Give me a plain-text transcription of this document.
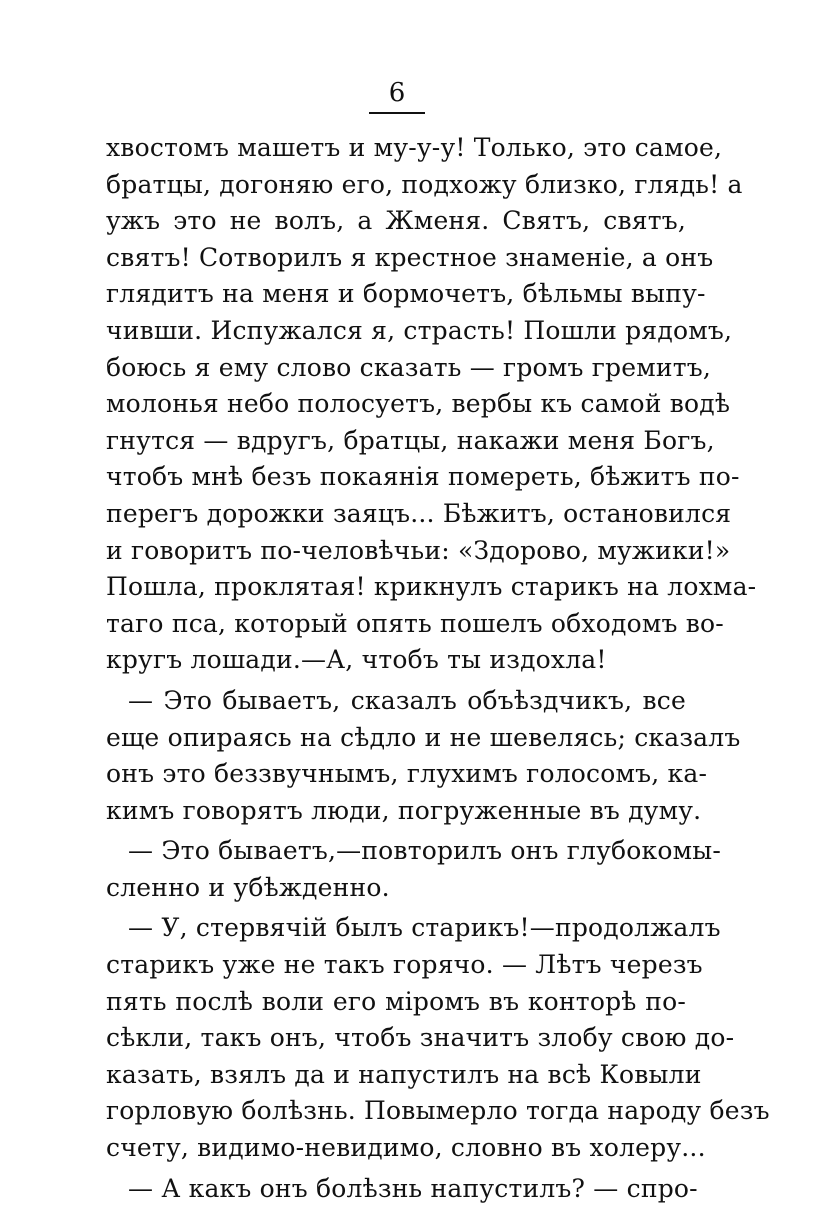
6
хвостомъ машетъ и му-у-у! Только, это самое,
братцы, догоняю его, подхожу близко, глядь! а
ужъ это не волъ, а Жменя. Святъ, святъ,
святъ! Сотворилъ я крестное знаменіе, а онъ
глядитъ на меня и бормочетъ, бѣльмы выпу-
чивши. Испужался я, страсть! Пошли рядомъ,
боюсь я ему слово сказать — громъ гремитъ,
молонья небо полосуетъ, вербы къ самой водѣ
гнутся — вдругъ, братцы, накажи меня Богъ,
чтобъ мнѣ безъ покаянія помереть, бѣжитъ по-
перегъ дорожки заяцъ... Бѣжитъ, остановился
и говоритъ по-человѣчьи: «Здорово, мужики!»
Пошла, проклятая! крикнулъ старикъ на лохма-
таго пса, который опять пошелъ обходомъ во-
кругъ лошади.—А, чтобъ ты издохла!
— Это бываетъ, сказалъ объѣздчикъ, все
еще опираясь на сѣдло и не шевелясь; сказалъ
онъ это беззвучнымъ, глухимъ голосомъ, ка-
кимъ говорятъ люди, погруженные въ думу.
— Это бываетъ,—повторилъ онъ глубокомы-
сленно и убѣжденно.
— У, стервячій былъ старикъ!—продолжалъ
старикъ уже не такъ горячо. — Лѣтъ черезъ
пять послѣ воли его міромъ въ конторѣ по-
сѣкли, такъ онъ, чтобъ значитъ злобу свою до-
казать, взялъ да и напустилъ на всѣ Ковыли
горловую болѣзнь. Повымерло тогда народу безъ
счету, видимо-невидимо, словно въ холеру...
— А какъ онъ болѣзнь напустилъ? — спро-
